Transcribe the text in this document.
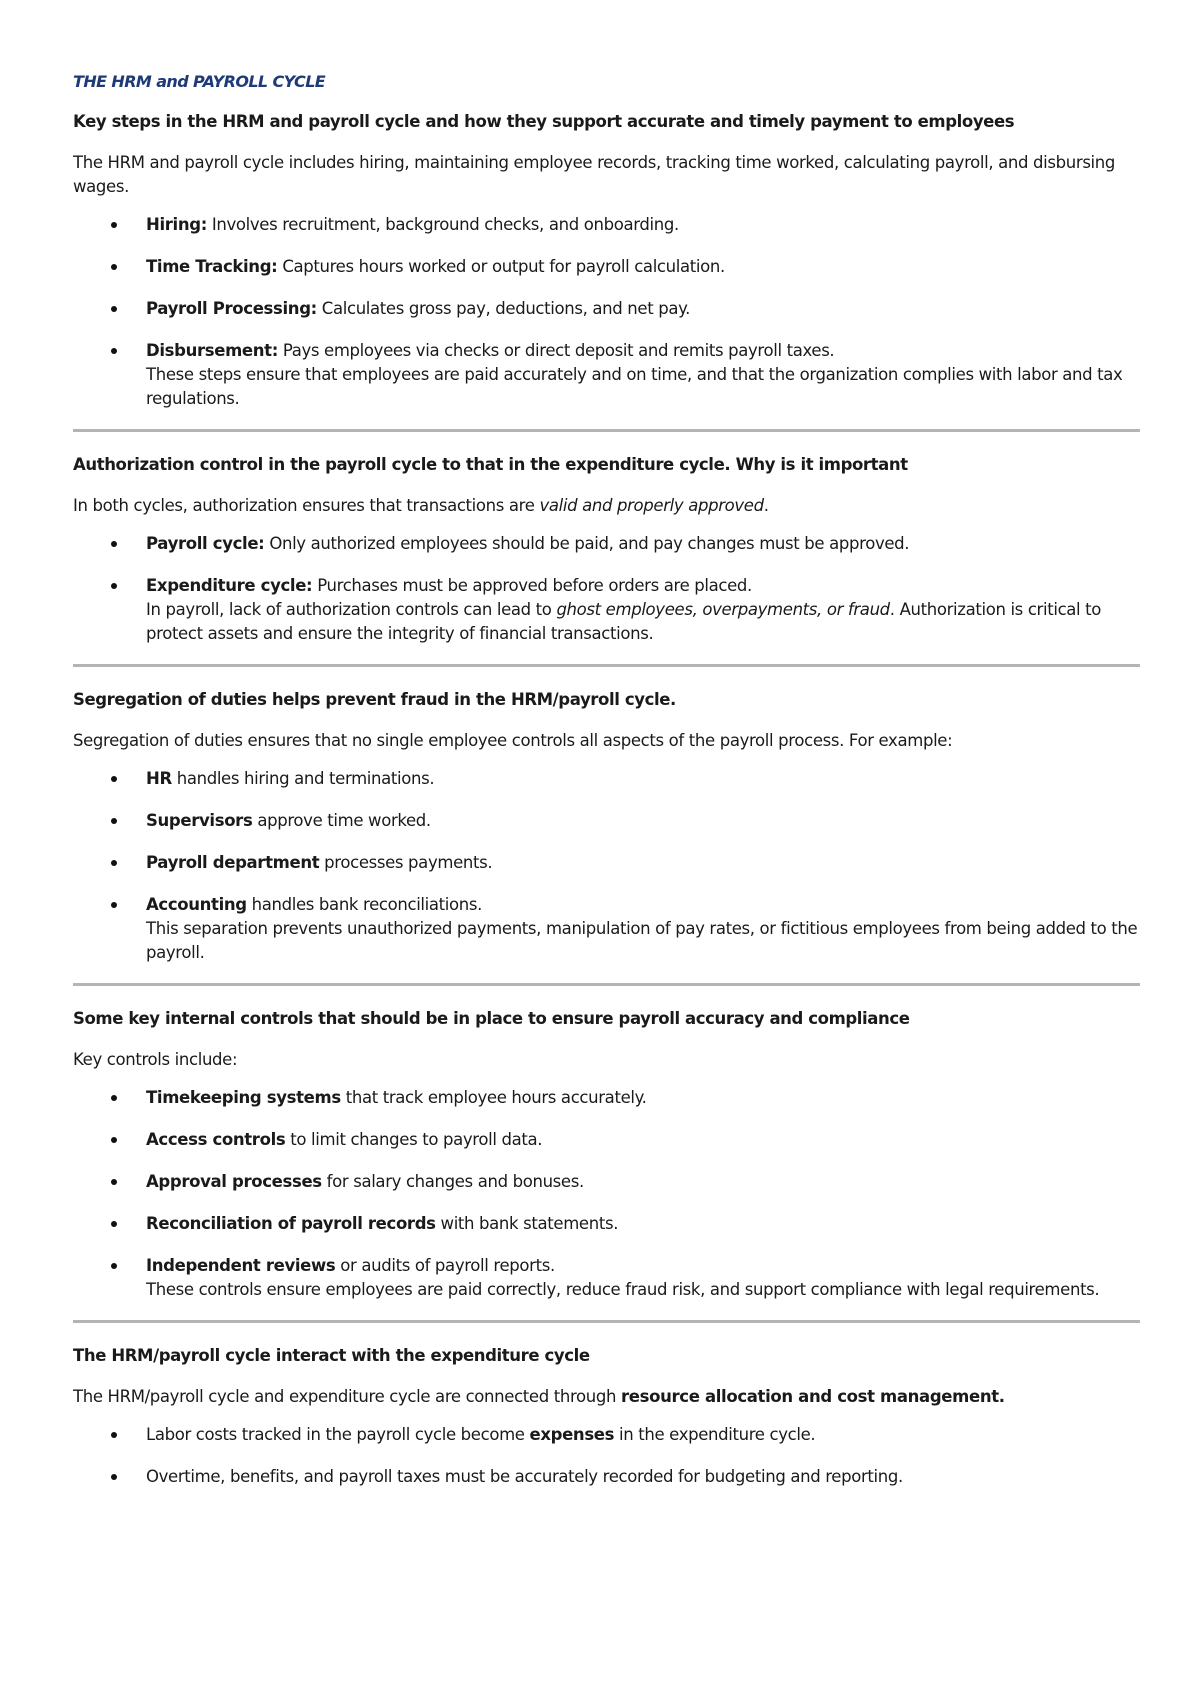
THE HRM and PAYROLL CYCLE
Key steps in the HRM and payroll cycle and how they support accurate and timely payment to employees
The HRM and payroll cycle includes hiring, maintaining employee records, tracking time worked, calculating payroll, and disbursing wages.
Hiring: Involves recruitment, background checks, and onboarding.
Time Tracking: Captures hours worked or output for payroll calculation.
Payroll Processing: Calculates gross pay, deductions, and net pay.
Disbursement: Pays employees via checks or direct deposit and remits payroll taxes.
These steps ensure that employees are paid accurately and on time, and that the organization complies with labor and tax regulations.
Authorization control in the payroll cycle to that in the expenditure cycle. Why is it important
In both cycles, authorization ensures that transactions are valid and properly approved.
Payroll cycle: Only authorized employees should be paid, and pay changes must be approved.
Expenditure cycle: Purchases must be approved before orders are placed.
In payroll, lack of authorization controls can lead to ghost employees, overpayments, or fraud. Authorization is critical to protect assets and ensure the integrity of financial transactions.
Segregation of duties helps prevent fraud in the HRM/payroll cycle.
Segregation of duties ensures that no single employee controls all aspects of the payroll process. For example:
HR handles hiring and terminations.
Supervisors approve time worked.
Payroll department processes payments.
Accounting handles bank reconciliations.
This separation prevents unauthorized payments, manipulation of pay rates, or fictitious employees from being added to the payroll.
Some key internal controls that should be in place to ensure payroll accuracy and compliance
Key controls include:
Timekeeping systems that track employee hours accurately.
Access controls to limit changes to payroll data.
Approval processes for salary changes and bonuses.
Reconciliation of payroll records with bank statements.
Independent reviews or audits of payroll reports.
These controls ensure employees are paid correctly, reduce fraud risk, and support compliance with legal requirements.
The HRM/payroll cycle interact with the expenditure cycle
The HRM/payroll cycle and expenditure cycle are connected through resource allocation and cost management.
Labor costs tracked in the payroll cycle become expenses in the expenditure cycle.
Overtime, benefits, and payroll taxes must be accurately recorded for budgeting and reporting.
